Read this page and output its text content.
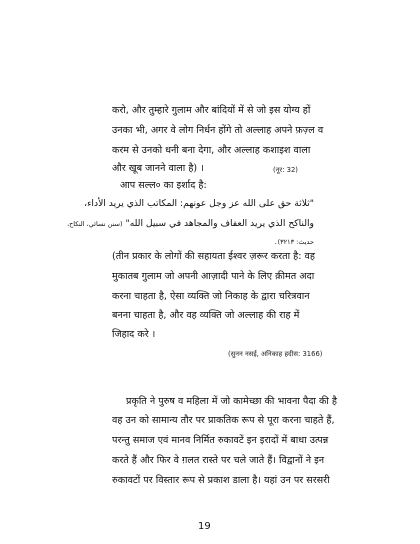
करो, और तुम्हारे गुलाम और बांदियों में से जो इस योग्य हों
उनका भी, अगर वे लोग निर्धन होंगे तो अल्लाह अपने फ़ज़्ल व
करम से उनको धनी बना देगा, और अल्लाह कशाइश वाला
और खूब जानने वाला है) ।	(नूर: 32)
आप सल्ल० का इर्शाद है:
"ثلاثة حق على الله عز وجل عونهم: المكاتب الذي يريد الأداء،
والناكح الذي يريد العفاف والمجاهد في سبيل الله" (سنن نسائي، النكاح،
حديث: ۳۲۱۳)۔
(तीन प्रकार के लोगों की सहायता ईश्वर ज़रूर करता है: वह
मुकातब गुलाम जो अपनी आज़ादी पाने के लिए क़ीमत अदा
करना चाहता है, ऐसा व्यक्ति जो निकाह के द्वारा चरित्रवान
बनना चाहता है, और वह व्यक्ति जो अल्लाह की राह में
जिहाद करे ।
(सुनन नसई, अनिकाह हदीस: 3166)
प्रकृति ने पुरुष व महिला में जो कामेच्छा की भावना पैदा की है
वह उन को सामान्य तौर पर प्राकतिक रूप से पूरा करना चाहते हैं,
परन्तु समाज एवं मानव निर्मित रुकावटें इन इरादों में बाधा उत्पन्न
करते हैं और फिर वे ग़लत रास्ते पर चले जाते हैं। विद्वानों ने इन
रुकावटों पर विस्तार रूप से प्रकाश डाला है। यहां उन पर सरसरी
19
